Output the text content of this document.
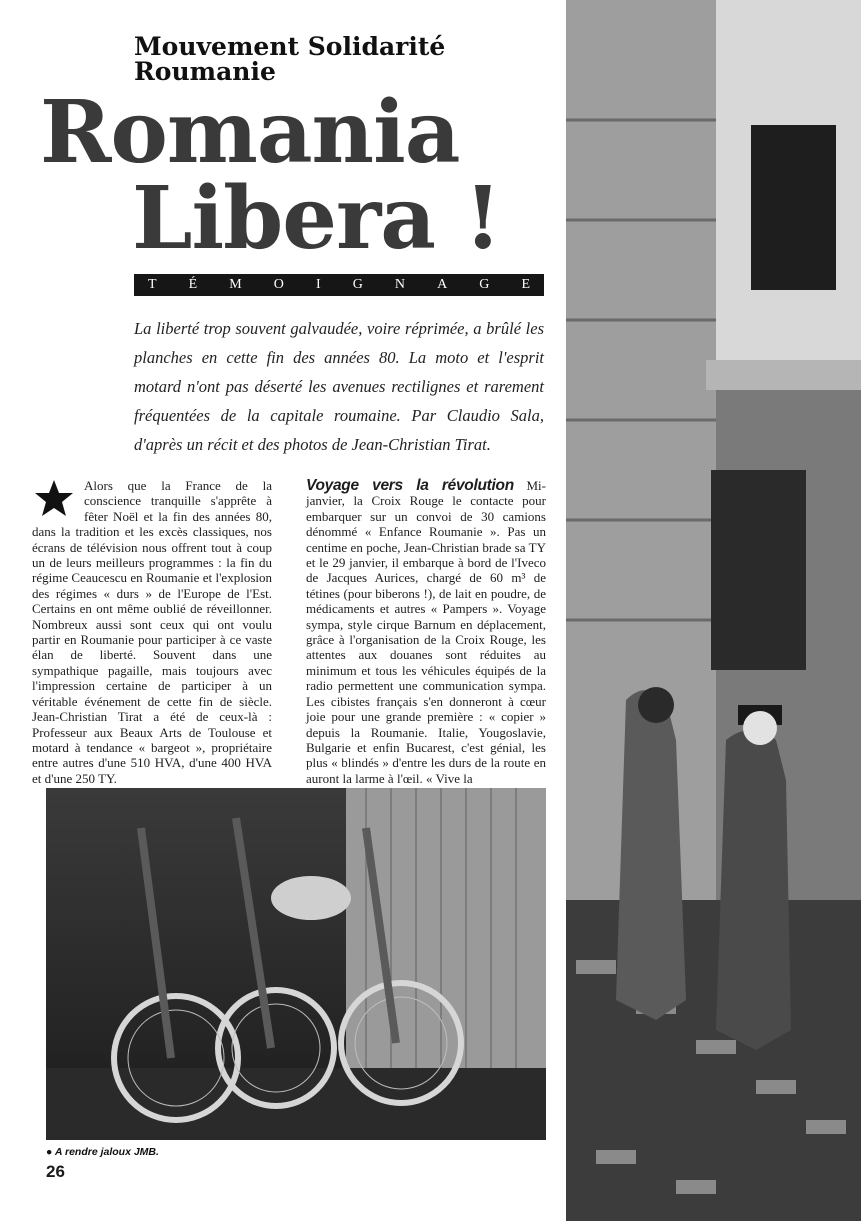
Mouvement Solidarité
Roumanie
Romania
Libera !
T É M O I G N A G E
La liberté trop souvent galvaudée, voire réprimée, a brûlé les planches en cette fin des années 80. La moto et l'esprit motard n'ont pas déserté les avenues rectilignes et rarement fréquentées de la capitale roumaine. Par Claudio Sala, d'après un récit et des photos de Jean-Christian Tirat.
Alors que la France de la conscience tranquille s'apprête à fêter Noël et la fin des années 80, dans la tradition et les excès classiques, nos écrans de télévision nous offrent tout à coup un de leurs meilleurs programmes : la fin du régime Ceaucescu en Roumanie et l'explosion des régimes « durs » de l'Europe de l'Est. Certains en ont même oublié de réveillonner. Nombreux aussi sont ceux qui ont voulu partir en Roumanie pour participer à ce vaste élan de liberté. Souvent dans une sympathique pagaille, mais toujours avec l'impression certaine de participer à un véritable événement de cette fin de siècle. Jean-Christian Tirat a été de ceux-là : Professeur aux Beaux Arts de Toulouse et motard à tendance « bargeot », propriétaire entre autres d'une 510 HVA, d'une 400 HVA et d'une 250 TY.
Voyage vers la révolution Mi-janvier, la Croix Rouge le contacte pour embarquer sur un convoi de 30 camions dénommé « Enfance Roumanie ». Pas un centime en poche, Jean-Christian brade sa TY et le 29 janvier, il embarque à bord de l'Iveco de Jacques Aurices, chargé de 60 m³ de tétines (pour biberons !), de lait en poudre, de médicaments et autres « Pampers ». Voyage sympa, style cirque Barnum en déplacement, grâce à l'organisation de la Croix Rouge, les attentes aux douanes sont réduites au minimum et tous les véhicules équipés de la radio permettent une communication sympa. Les cibistes français s'en donneront à cœur joie pour une grande première : « copier » depuis la Roumanie. Italie, Yougoslavie, Bulgarie et enfin Bucarest, c'est génial, les plus « blindés » d'entre les durs de la route en auront la larme à l'œil. « Vive la
● A rendre jaloux JMB.
26
